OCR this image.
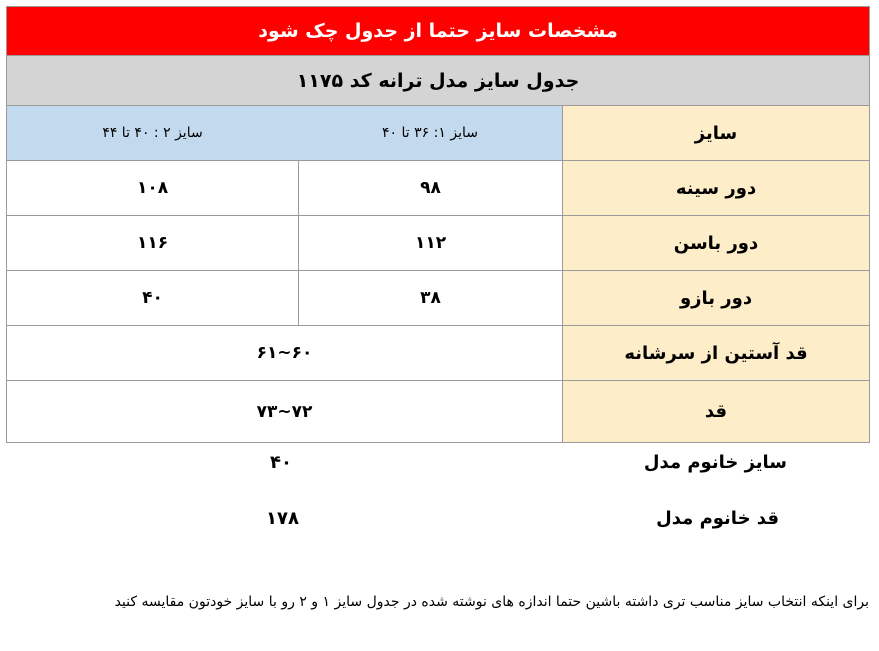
مشخصات سایز حتما از جدول چک شود
جدول سایز مدل ترانه کد ۱۱۷۵
سایز
سایز ۱: ۳۶ تا ۴۰
سایز ۲ : ۴۰ تا ۴۴
دور سینه
۹۸
۱۰۸
دور باسن
۱۱۲
۱۱۶
دور بازو
۳۸
۴۰
قد آستین از سرشانه
۶۰~۶۱
قد
۷۲~۷۳
سایز خانوم مدل
۴۰
قد خانوم مدل
۱۷۸
برای اینکه انتخاب سایز مناسب تری داشته باشین حتما اندازه های نوشته شده در جدول سایز ۱ و ۲ رو با سایز خودتون مقایسه کنید
